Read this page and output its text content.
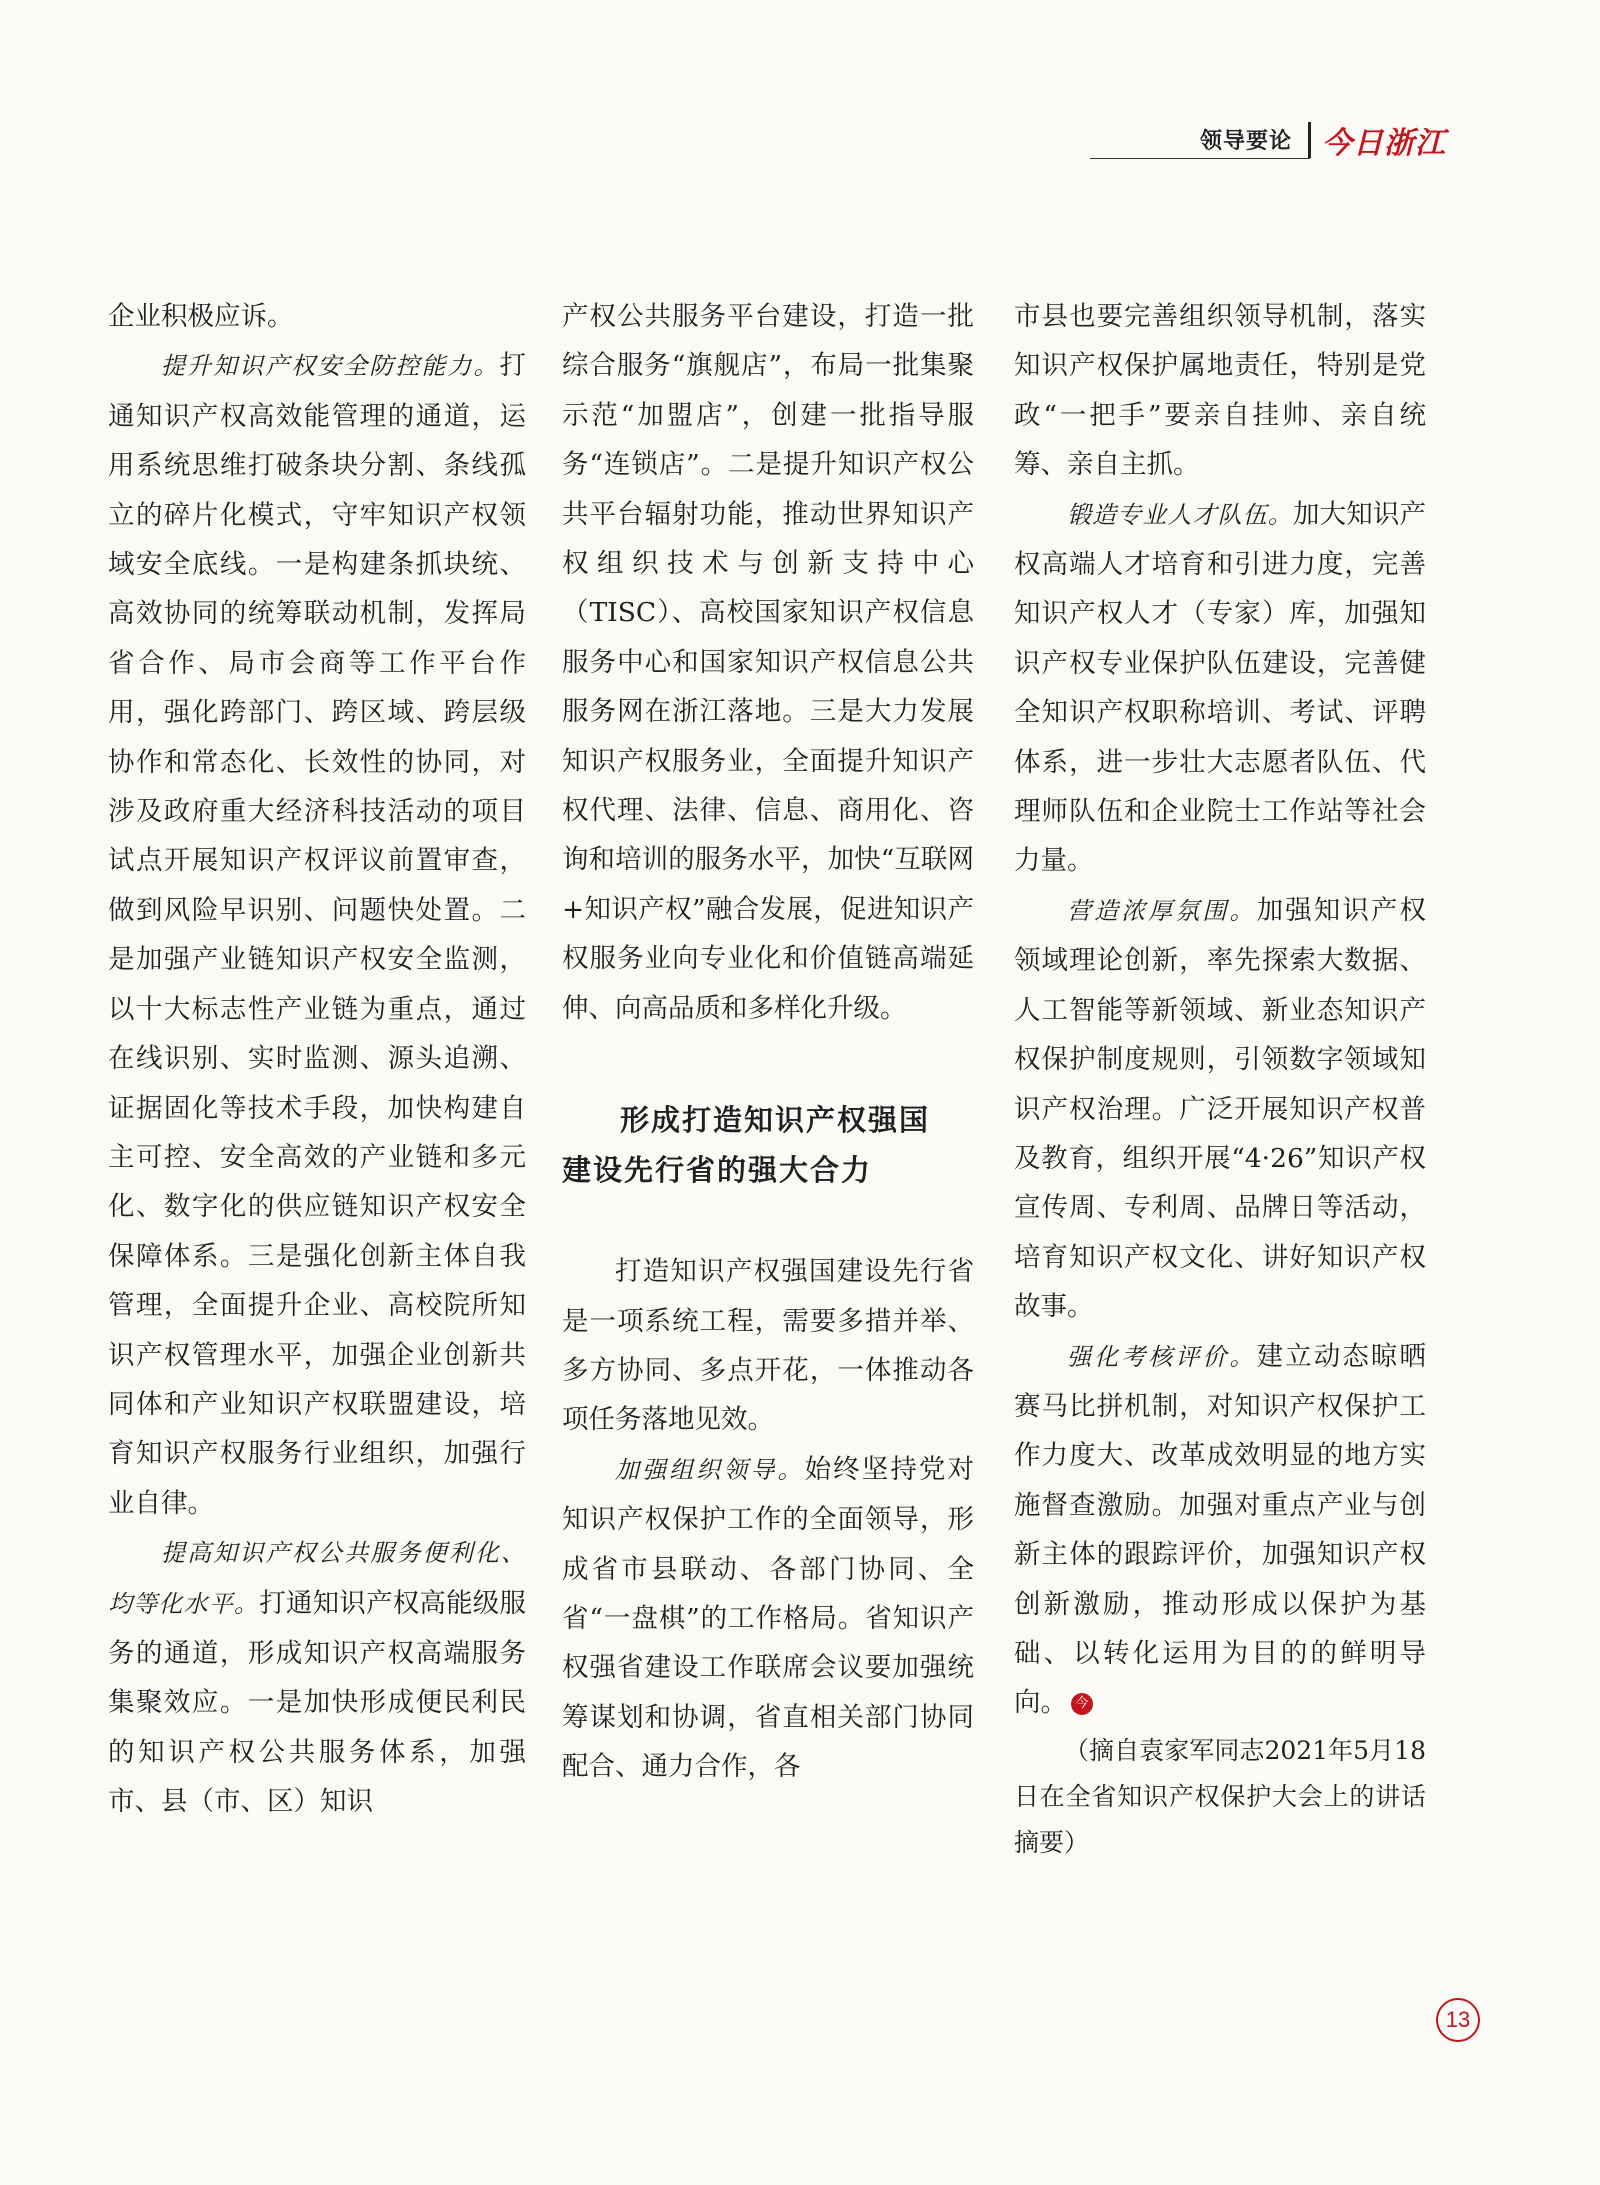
领导要论 今日浙江

企业积极应诉。

提升知识产权安全防控能力。打通知识产权高效能管理的通道，运用系统思维打破条块分割、条线孤立的碎片化模式，守牢知识产权领域安全底线。一是构建条抓块统、高效协同的统筹联动机制，发挥局省合作、局市会商等工作平台作用，强化跨部门、跨区域、跨层级协作和常态化、长效性的协同，对涉及政府重大经济科技活动的项目试点开展知识产权评议前置审查，做到风险早识别、问题快处置。二是加强产业链知识产权安全监测，以十大标志性产业链为重点，通过在线识别、实时监测、源头追溯、证据固化等技术手段，加快构建自主可控、安全高效的产业链和多元化、数字化的供应链知识产权安全保障体系。三是强化创新主体自我管理，全面提升企业、高校院所知识产权管理水平，加强企业创新共同体和产业知识产权联盟建设，培育知识产权服务行业组织，加强行业自律。

提高知识产权公共服务便利化、均等化水平。打通知识产权高能级服务的通道，形成知识产权高端服务集聚效应。一是加快形成便民利民的知识产权公共服务体系，加强市、县（市、区）知识

产权公共服务平台建设，打造一批综合服务“旗舰店”，布局一批集聚示范“加盟店”，创建一批指导服务“连锁店”。二是提升知识产权公共平台辐射功能，推动世界知识产权组织技术与创新支持中心（TISC）、高校国家知识产权信息服务中心和国家知识产权信息公共服务网在浙江落地。三是大力发展知识产权服务业，全面提升知识产权代理、法律、信息、商用化、咨询和培训的服务水平，加快“互联网+知识产权”融合发展，促进知识产权服务业向专业化和价值链高端延伸、向高品质和多样化升级。

形成打造知识产权强国
建设先行省的强大合力

打造知识产权强国建设先行省是一项系统工程，需要多措并举、多方协同、多点开花，一体推动各项任务落地见效。

加强组织领导。始终坚持党对知识产权保护工作的全面领导，形成省市县联动、各部门协同、全省“一盘棋”的工作格局。省知识产权强省建设工作联席会议要加强统筹谋划和协调，省直相关部门协同配合、通力合作，各

市县也要完善组织领导机制，落实知识产权保护属地责任，特别是党政“一把手”要亲自挂帅、亲自统筹、亲自主抓。

锻造专业人才队伍。加大知识产权高端人才培育和引进力度，完善知识产权人才（专家）库，加强知识产权专业保护队伍建设，完善健全知识产权职称培训、考试、评聘体系，进一步壮大志愿者队伍、代理师队伍和企业院士工作站等社会力量。

营造浓厚氛围。加强知识产权领域理论创新，率先探索大数据、人工智能等新领域、新业态知识产权保护制度规则，引领数字领域知识产权治理。广泛开展知识产权普及教育，组织开展“4·26”知识产权宣传周、专利周、品牌日等活动，培育知识产权文化、讲好知识产权故事。

强化考核评价。建立动态晾晒赛马比拼机制，对知识产权保护工作力度大、改革成效明显的地方实施督查激励。加强对重点产业与创新主体的跟踪评价，加强知识产权创新激励，推动形成以保护为基础、以转化运用为目的的鲜明导向。 今

（摘自袁家军同志2021年5月18日在全省知识产权保护大会上的讲话摘要）

13
